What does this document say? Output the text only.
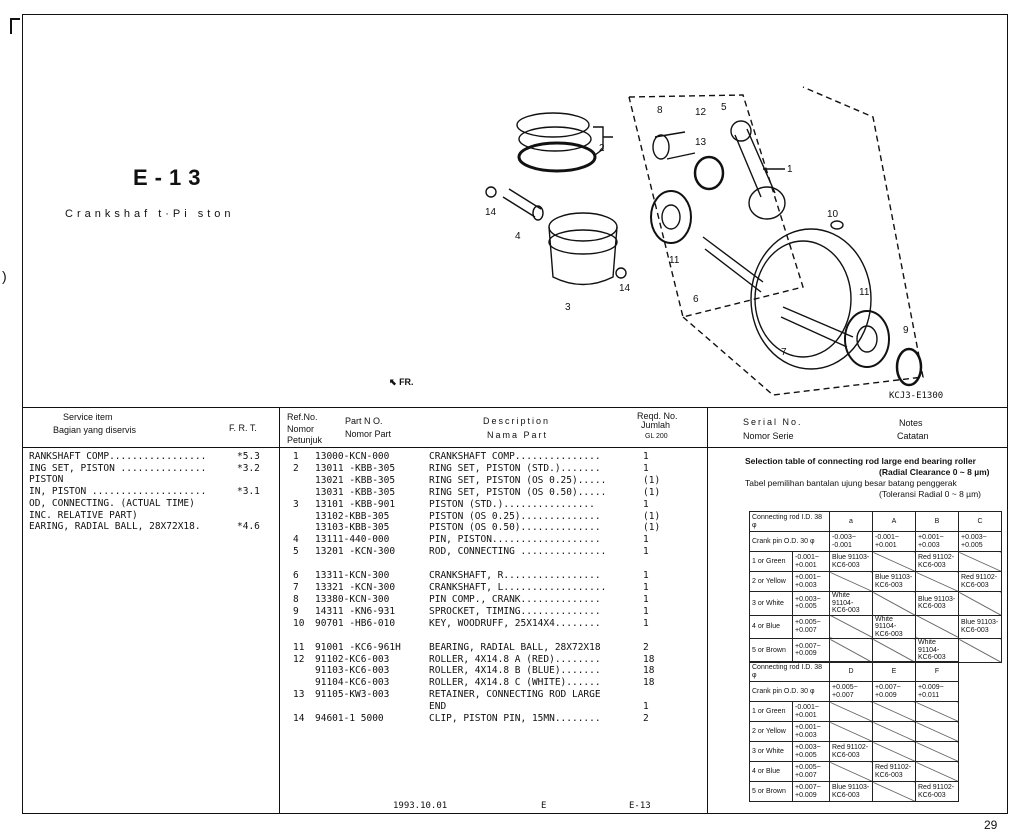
)
E-13
Crankshaf t·Pi ston
8	12 5
2
13
1
14
4
10
11
14
6
11
3
7
9
⬉ FR.
KCJ3-E1300
Service item
Bagian yang diservis	F. R. T.
Ref.No.
Nomor Petunjuk
Part N O.
Nomor Part
Description
Nama Part
Reqd. No.
Jumlah
GL 200
Serial No.
Nomor Serie
Notes
Catatan
RANKSHAFT COMP.................	*5.3
ING SET, PISTON ...............	*3.2
PISTON
IN, PISTON ....................	*3.1
OD, CONNECTING. (ACTUAL TIME)
INC. RELATIVE PART)
EARING, RADIAL BALL, 28X72X18.	*4.6
1 13000-KCN-000	CRANKSHAFT COMP...............	1
2 13011 -KBB-305	RING SET, PISTON (STD.).......	1
13021 -KBB-305	RING SET, PISTON (OS 0.25).....	(1)
13031 -KBB-305	RING SET, PISTON (OS 0.50).....	(1)
3 13101 -KBB-901	PISTON (STD.)................	1
13102-KBB-305	PISTON (OS 0.25)..............	(1)
13103-KBB-305	PISTON (OS 0.50)..............	(1)
4 13111-440-000	PIN, PISTON...................	1
5 13201 -KCN-300	ROD, CONNECTING ...............	1
6 13311-KCN-300	CRANKSHAFT, R.................	1
7 13321 -KCN-300	CRANKSHAFT, L..................	1
8 13380-KCN-300	PIN COMP., CRANK..............	1
9 14311 -KN6-931	SPROCKET, TIMING..............	1
10 90701 -HB6-010	KEY, WOODRUFF, 25X14X4........	1
11 91001 -KC6-961H	BEARING, RADIAL BALL, 28X72X18	2
12 91102-KC6-003	ROLLER, 4X14.8 A (RED)........	18
91103-KC6-003	ROLLER, 4X14.8 B (BLUE).......	18
91104-KC6-003	ROLLER, 4X14.8 C (WHITE)......	18
13 91105-KW3-003	RETAINER, CONNECTING ROD LARGE
END	1
14 94601-1 5000	CLIP, PISTON PIN, 15MN........	2
Selection table of connecting rod large end bearing roller
(Radial Clearance 0 ~ 8 µm)
Tabel pemilihan bantalan ujung besar batang penggerak
(Toleransi Radial 0 ~ 8 µm)
Connecting rod I.D. 38 φ		a	A	B	C
Crank pin O.D. 30 φ		-0.003~ -0.001	-0.001~ +0.001	+0.001~ +0.003	+0.003~ +0.005
1 or Green	-0.001~ +0.001	Blue 91103- KC6-003		Red 91102- KC6-003	
2 or Yellow	+0.001~ +0.003		Blue 91103- KC6-003		Red 91102- KC6-003
3 or White	+0.003~ +0.005	White 91104- KC6-003		Blue 91103- KC6-003	
4 or Blue	+0.005~ +0.007		White 91104- KC6-003		Blue 91103- KC6-003
5 or Brown	+0.007~ +0.009			White 91104- KC6-003	
Connecting rod I.D. 38 φ		D	E	F
Crank pin O.D. 30 φ		+0.005~ +0.007	+0.007~ +0.009	+0.009~ +0.011
1 or Green	-0.001~ +0.001			
2 or Yellow	+0.001~ +0.003			
3 or White	+0.003~ +0.005	Red 91102- KC6-003		
4 or Blue	+0.005~ +0.007		Red 91102- KC6-003	
5 or Brown	+0.007~ +0.009	Blue 91103- KC6-003		Red 91102- KC6-003
1993.10.01	E	E-13
29
